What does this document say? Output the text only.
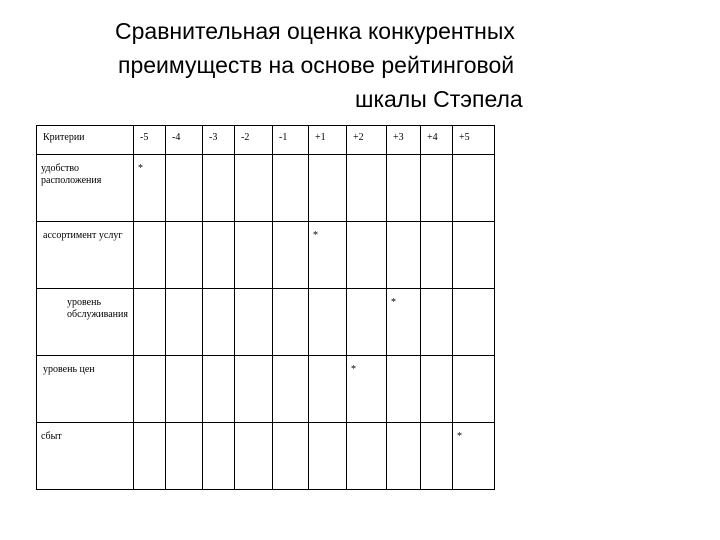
Сравнительная оценка конкурентных
преимуществ на основе рейтинговой
шкалы Стэпела
Критерии	-5	-4	-3	-2	-1	+1	+2	+3	+4	+5
удобство расположения	*									
ассортимент услуг						*				
уровень обслуживания								*		
уровень цен							*			
сбыт										*
